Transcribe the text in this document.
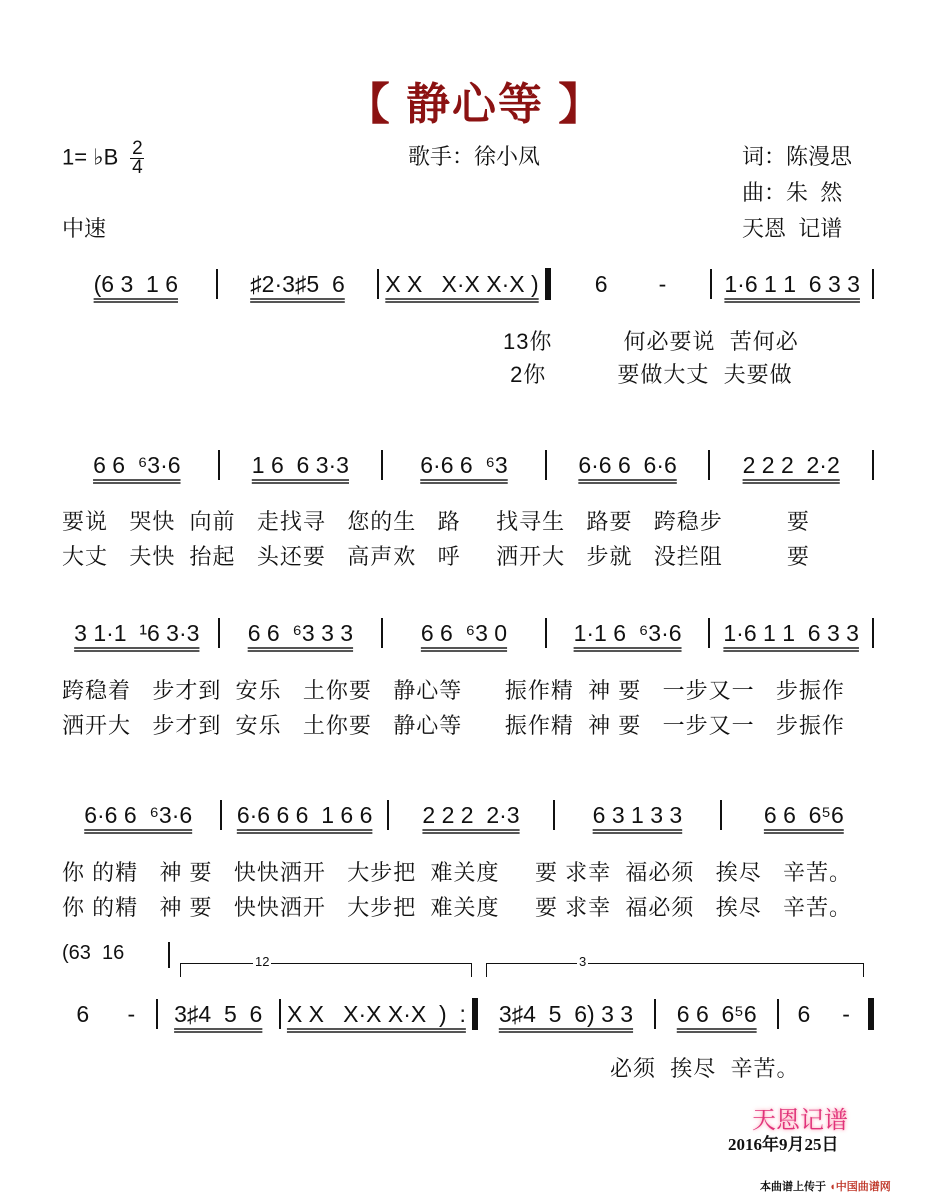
【 静心等 】
1= ♭B $\frac{2}{4}$	歌手：徐小凤	词：陈漫思
曲：朱  然
中速	天恩  记谱
(6 3  1 6	♯2·3♯5  6	X X   X·X X·X )	6        -	1·6 1 1  6 3 3
13你          何必要说  苦何必
2你          要做大丈  夫要做
6 6  ⁶3·6	1 6  6 3·3	6·6 6  ⁶3	6·6 6  6·6	2 2 2  2·2
要说   哭快  向前   走找寻   您的生   路     找寻生   路要   跨稳步         要
大丈   夫快  抬起   头还要   高声欢   呼     洒开大   步就   没拦阻         要
3 1·1  ¹6 3·3	6 6  ⁶3 3 3	6 6  ⁶3 0	1·1 6  ⁶3·6	1·6 1 1  6 3 3
跨稳着   步才到  安乐   土你要   静心等      振作精  神 要   一步又一   步振作
洒开大   步才到  安乐   土你要   静心等      振作精  神 要   一步又一   步振作
6·6 6  ⁶3·6	6·6 6 6  1 6 6	2 2 2  2·3	6 3 1 3 3	6 6  6⁵6
你 的精   神 要   快快洒开   大步把  难关度     要 求幸  福必须   挨尽   辛苦。
你 的精   神 要   快快洒开   大步把  难关度     要 求幸  福必须   挨尽   辛苦。
(63  16	12	3
6      -	3♯4  5  6	X X   X·X X·X  )  :	3♯4  5  6) 3 3	6 6  6⁵6	6     -
必须  挨尽  辛苦。
天恩记谱
2016年9月25日
本曲谱上传于 ◖中国曲谱网
